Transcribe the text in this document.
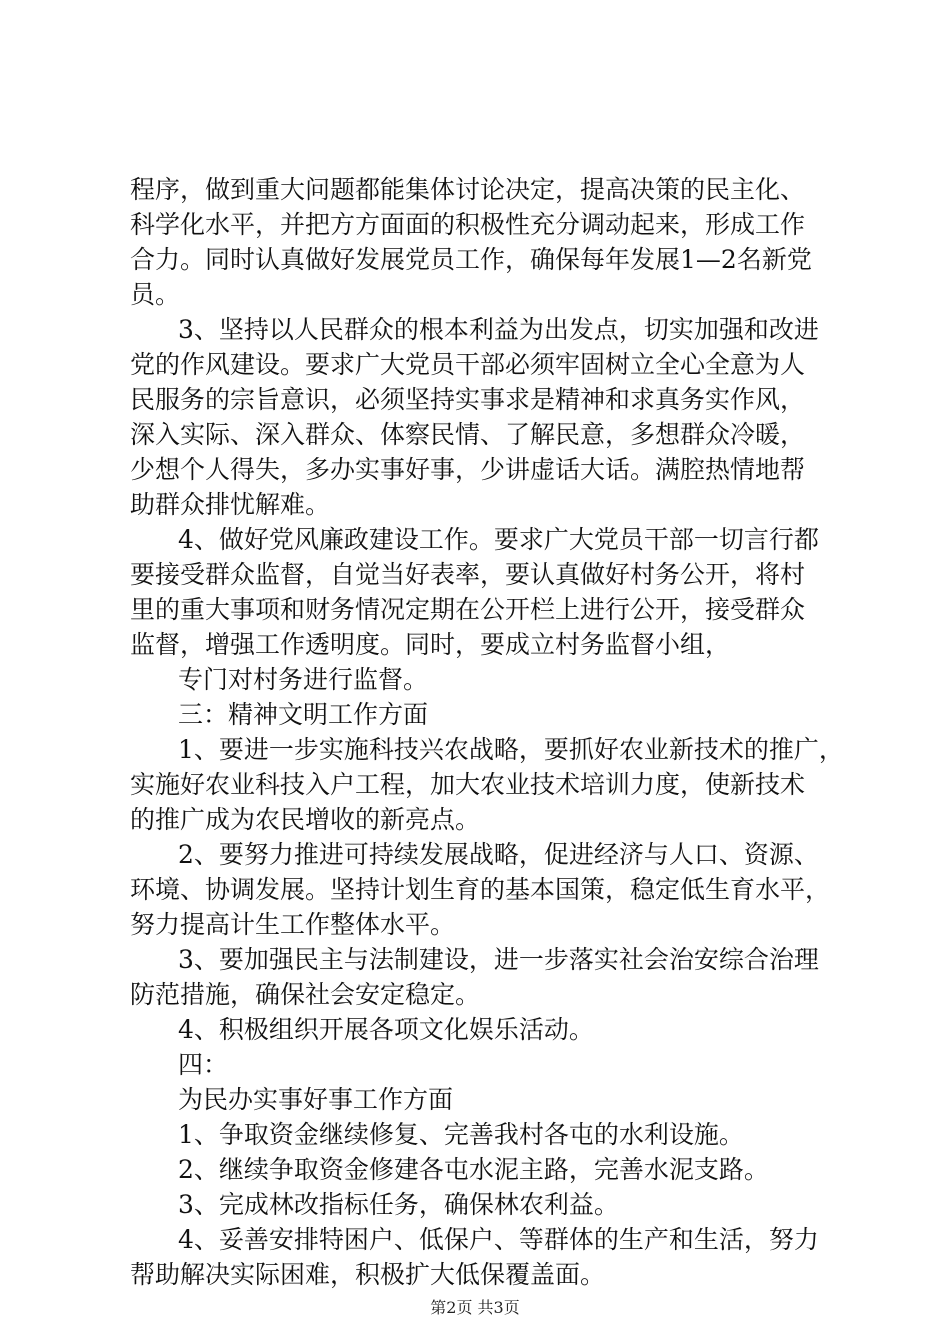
程序，做到重大问题都能集体讨论决定，提高决策的民主化、
科学化水平，并把方方面面的积极性充分调动起来，形成工作
合力。同时认真做好发展党员工作，确保每年发展1—2名新党
员。
3、坚持以人民群众的根本利益为出发点，切实加强和改进
党的作风建设。要求广大党员干部必须牢固树立全心全意为人
民服务的宗旨意识，必须坚持实事求是精神和求真务实作风，
深入实际、深入群众、体察民情、了解民意，多想群众冷暖，
少想个人得失，多办实事好事，少讲虚话大话。满腔热情地帮
助群众排忧解难。
4、做好党风廉政建设工作。要求广大党员干部一切言行都
要接受群众监督，自觉当好表率，要认真做好村务公开，将村
里的重大事项和财务情况定期在公开栏上进行公开，接受群众
监督，增强工作透明度。同时，要成立村务监督小组，
专门对村务进行监督。
三：精神文明工作方面
1、要进一步实施科技兴农战略，要抓好农业新技术的推广，
实施好农业科技入户工程，加大农业技术培训力度，使新技术
的推广成为农民增收的新亮点。
2、要努力推进可持续发展战略，促进经济与人口、资源、
环境、协调发展。坚持计划生育的基本国策，稳定低生育水平，
努力提高计生工作整体水平。
3、要加强民主与法制建设，进一步落实社会治安综合治理
防范措施，确保社会安定稳定。
4、积极组织开展各项文化娱乐活动。
四：
为民办实事好事工作方面
1、争取资金继续修复、完善我村各屯的水利设施。
2、继续争取资金修建各屯水泥主路，完善水泥支路。
3、完成林改指标任务，确保林农利益。
4、妥善安排特困户、低保户、等群体的生产和生活，努力
帮助解决实际困难，积极扩大低保覆盖面。
第2页 共3页
